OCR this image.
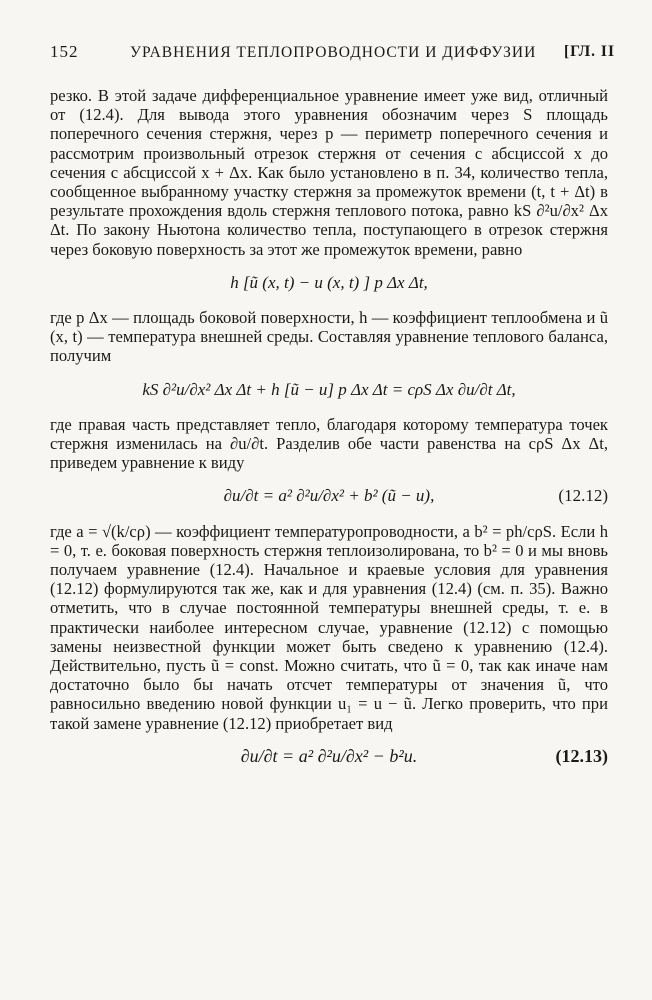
152	УРАВНЕНИЯ ТЕПЛОПРОВОДНОСТИ И ДИФФУЗИИ [ГЛ. II

резко. В этой задаче дифференциальное уравнение имеет уже вид, отличный от (12.4). Для вывода этого уравнения обозначим через S площадь поперечного сечения стержня, через p — периметр поперечного сечения и рассмотрим произвольный отрезок стержня от сечения с абсциссой x до сечения с абсциссой x + Δx. Как было установлено в п. 34, количество тепла, сообщенное выбранному участку стержня за промежуток времени (t, t + Δt) в результате прохождения вдоль стержня теплового потока, равно kS ∂²u/∂x² Δx Δt. По закону Ньютона количество тепла, поступающего в отрезок стержня через боковую поверхность за этот же промежуток времени, равно

h [ũ (x, t) − u (x, t) ] p Δx Δt,

где p Δx — площадь боковой поверхности, h — коэффициент теплообмена и ũ (x, t) — температура внешней среды. Составляя уравнение теплового баланса, получим

kS ∂²u/∂x² Δx Δt + h [ũ − u] p Δx Δt = cρS Δx ∂u/∂t Δt,

где правая часть представляет тепло, благодаря которому температура точек стержня изменилась на ∂u/∂t. Разделив обе части равенства на cρS Δx Δt, приведем уравнение к виду

∂u/∂t = a² ∂²u/∂x² + b² (ũ − u),	(12.12)

где a = √(k/cρ) — коэффициент температуропроводности, а b² = ph/cρS. Если h = 0, т. е. боковая поверхность стержня теплоизолирована, то b² = 0 и мы вновь получаем уравнение (12.4). Начальное и краевые условия для уравнения (12.12) формулируются так же, как и для уравнения (12.4) (см. п. 35). Важно отметить, что в случае постоянной температуры внешней среды, т. е. в практически наиболее интересном случае, уравнение (12.12) с помощью замены неизвестной функции может быть сведено к уравнению (12.4). Действительно, пусть ũ = const. Можно считать, что ũ = 0, так как иначе нам достаточно было бы начать отсчет температуры от значения ũ, что равносильно введению новой функции u₁ = u − ũ. Легко проверить, что при такой замене уравнение (12.12) приобретает вид

∂u/∂t = a² ∂²u/∂x² − b²u.	(12.13)
